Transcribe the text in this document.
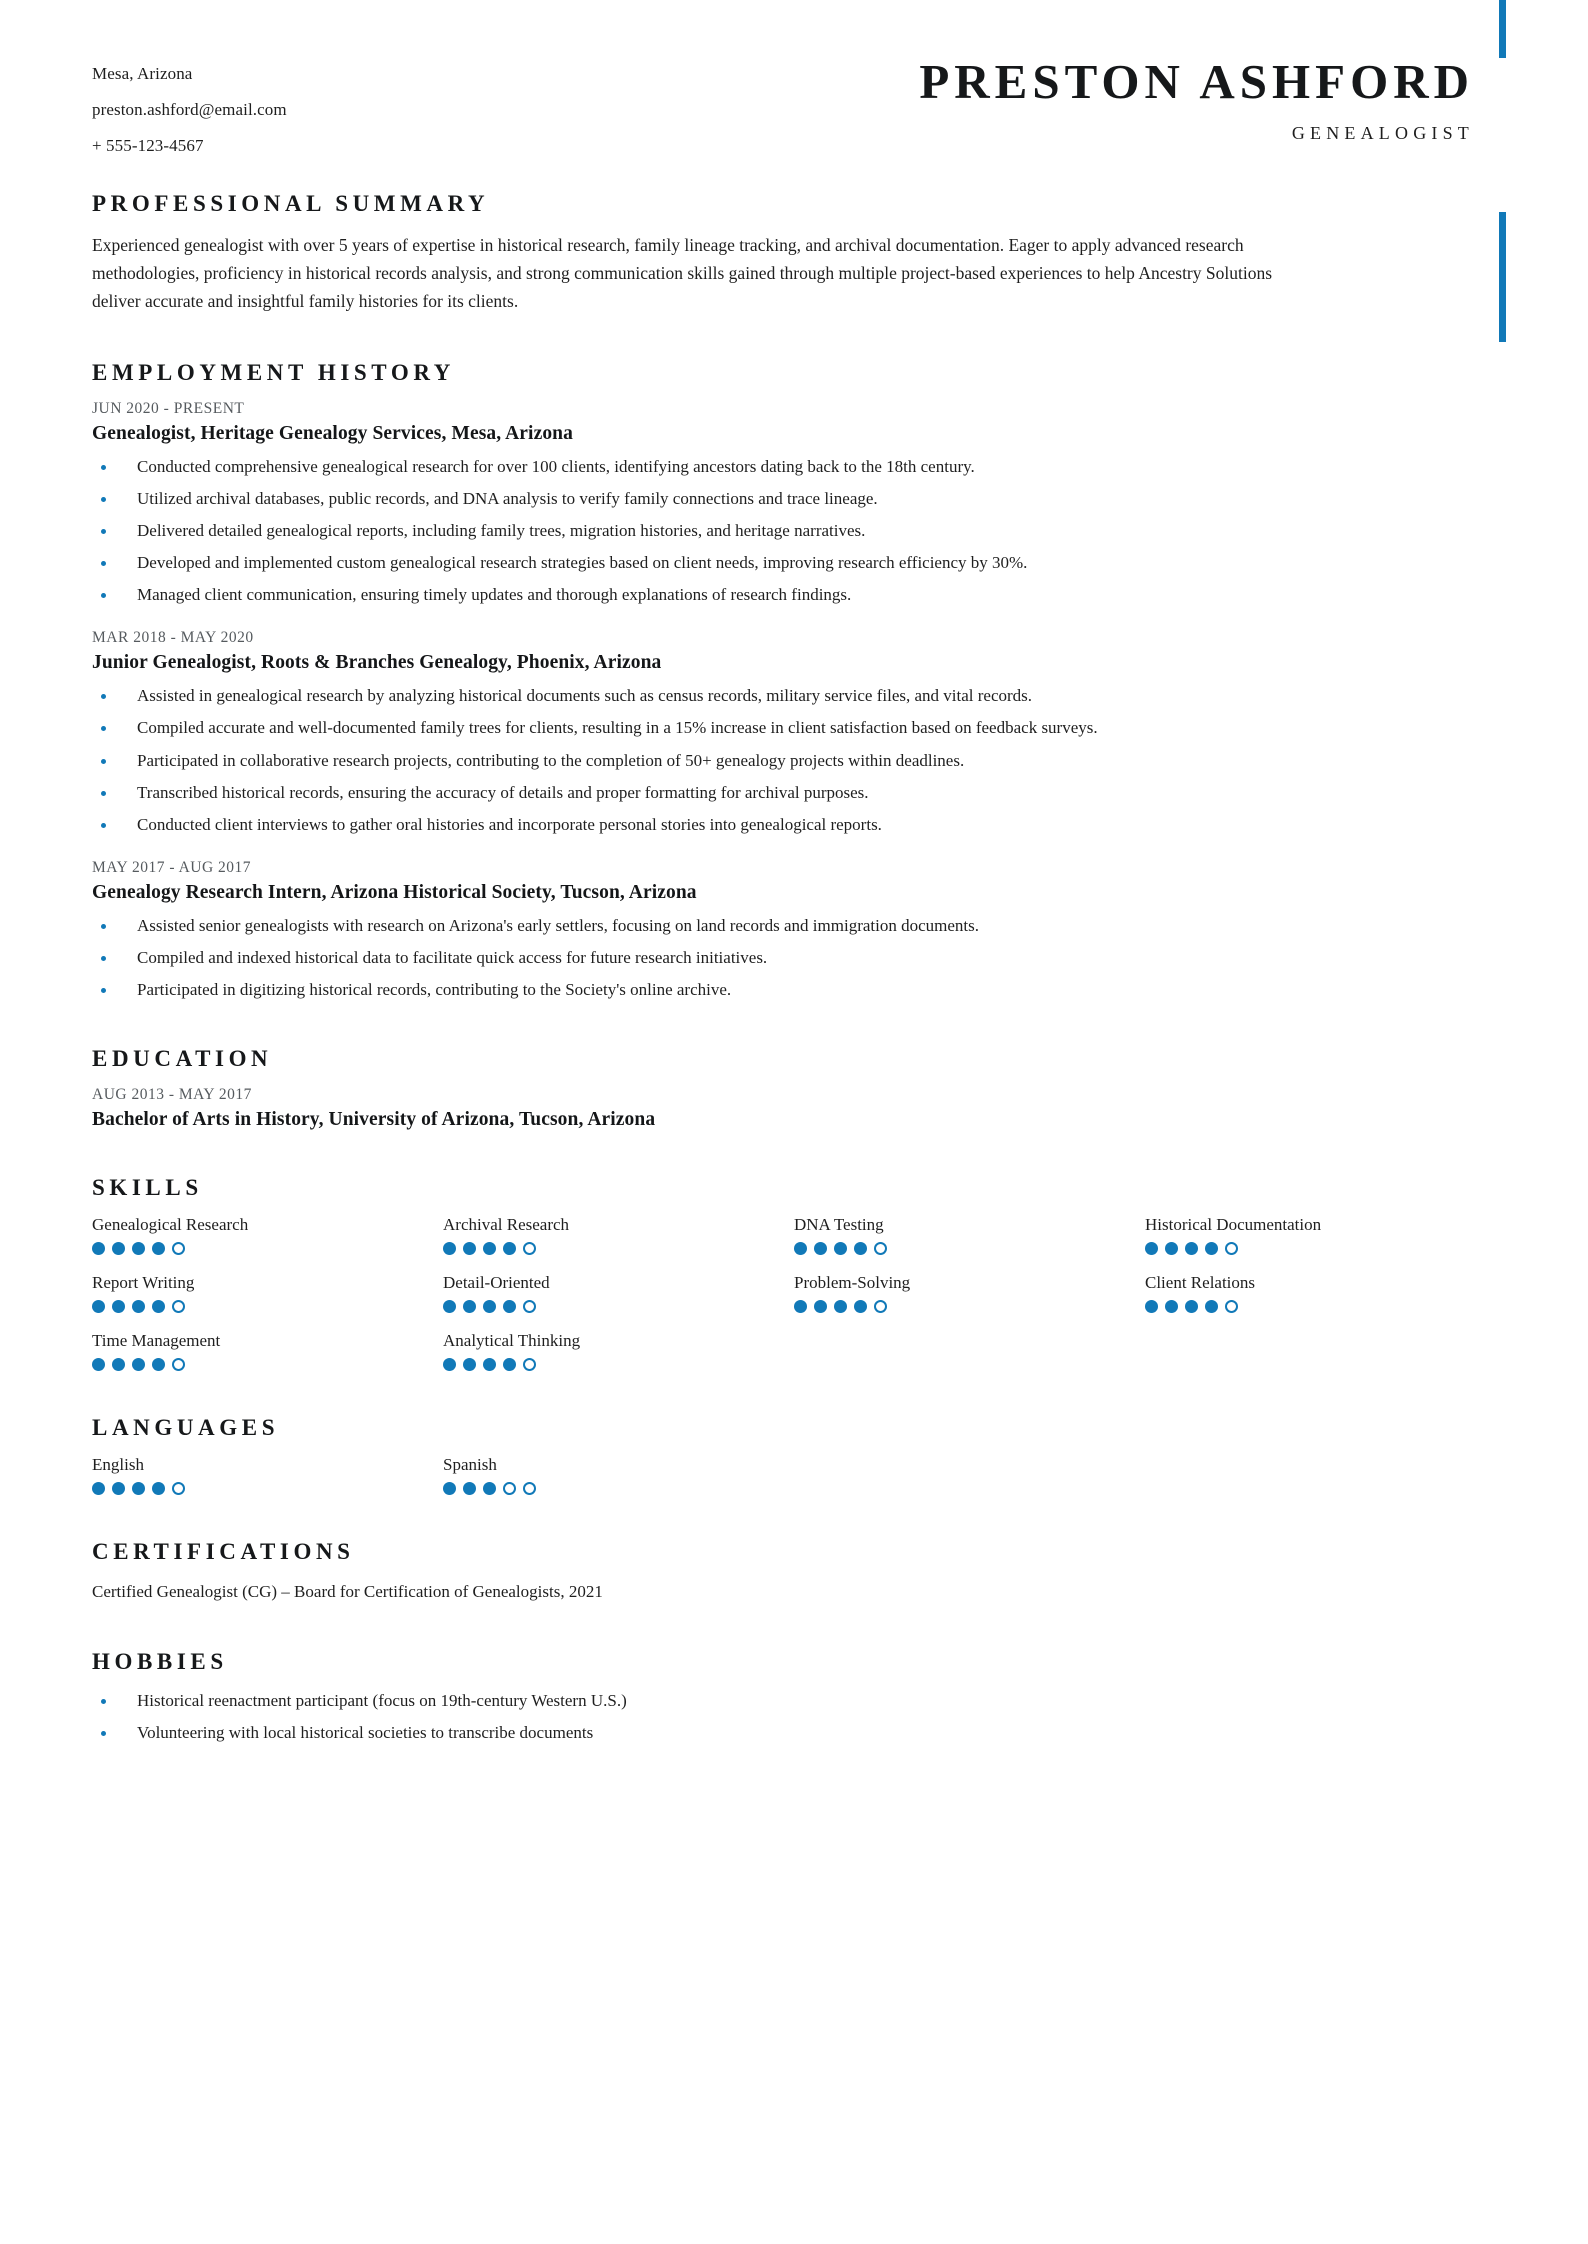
Mesa, Arizona
preston.ashford@email.com
+ 555-123-4567
PRESTON ASHFORD
GENEALOGIST
PROFESSIONAL SUMMARY
Experienced genealogist with over 5 years of expertise in historical research, family lineage tracking, and archival documentation. Eager to apply advanced research methodologies, proficiency in historical records analysis, and strong communication skills gained through multiple project-based experiences to help Ancestry Solutions deliver accurate and insightful family histories for its clients.
EMPLOYMENT HISTORY
JUN 2020 - PRESENT
Genealogist, Heritage Genealogy Services, Mesa, Arizona
Conducted comprehensive genealogical research for over 100 clients, identifying ancestors dating back to the 18th century.
Utilized archival databases, public records, and DNA analysis to verify family connections and trace lineage.
Delivered detailed genealogical reports, including family trees, migration histories, and heritage narratives.
Developed and implemented custom genealogical research strategies based on client needs, improving research efficiency by 30%.
Managed client communication, ensuring timely updates and thorough explanations of research findings.
MAR 2018 - MAY 2020
Junior Genealogist, Roots & Branches Genealogy, Phoenix, Arizona
Assisted in genealogical research by analyzing historical documents such as census records, military service files, and vital records.
Compiled accurate and well-documented family trees for clients, resulting in a 15% increase in client satisfaction based on feedback surveys.
Participated in collaborative research projects, contributing to the completion of 50+ genealogy projects within deadlines.
Transcribed historical records, ensuring the accuracy of details and proper formatting for archival purposes.
Conducted client interviews to gather oral histories and incorporate personal stories into genealogical reports.
MAY 2017 - AUG 2017
Genealogy Research Intern, Arizona Historical Society, Tucson, Arizona
Assisted senior genealogists with research on Arizona's early settlers, focusing on land records and immigration documents.
Compiled and indexed historical data to facilitate quick access for future research initiatives.
Participated in digitizing historical records, contributing to the Society's online archive.
EDUCATION
AUG 2013 - MAY 2017
Bachelor of Arts in History, University of Arizona, Tucson, Arizona
SKILLS
Genealogical Research	Archival Research	DNA Testing	Historical Documentation
Report Writing	Detail-Oriented	Problem-Solving	Client Relations
Time Management	Analytical Thinking
LANGUAGES
English	Spanish
CERTIFICATIONS
Certified Genealogist (CG) – Board for Certification of Genealogists, 2021
HOBBIES
Historical reenactment participant (focus on 19th-century Western U.S.)
Volunteering with local historical societies to transcribe documents
